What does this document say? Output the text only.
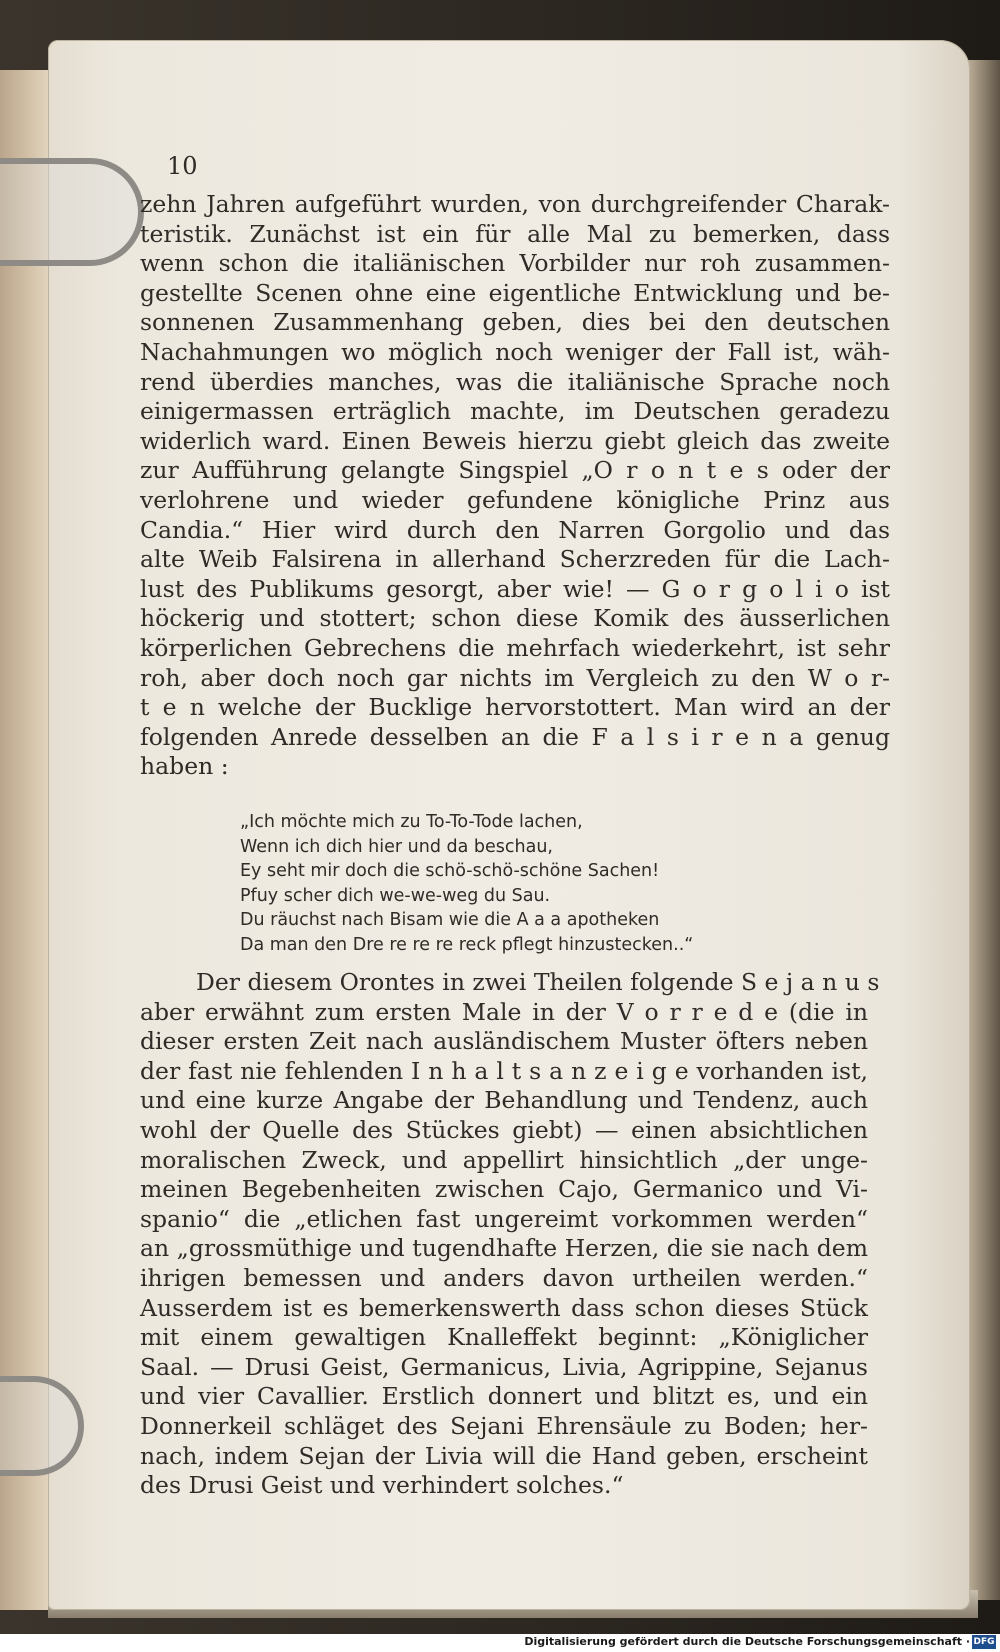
10
zehn Jahren aufgeführt wurden, von durchgreifender Charak-
teristik. Zunächst ist ein für alle Mal zu bemerken, dass
wenn schon die italiänischen Vorbilder nur roh zusammen-
gestellte Scenen ohne eine eigentliche Entwicklung und be-
sonnenen Zusammenhang geben, dies bei den deutschen
Nachahmungen wo möglich noch weniger der Fall ist, wäh-
rend überdies manches, was die italiänische Sprache noch
einigermassen erträglich machte, im Deutschen geradezu
widerlich ward. Einen Beweis hierzu giebt gleich das zweite
zur Aufführung gelangte Singspiel „O r o n t e s oder der
verlohrene und wieder gefundene königliche Prinz aus
Candia.“ Hier wird durch den Narren Gorgolio und das
alte Weib Falsirena in allerhand Scherzreden für die Lach-
lust des Publikums gesorgt, aber wie! — G o r g o l i o ist
höckerig und stottert; schon diese Komik des äusserlichen
körperlichen Gebrechens die mehrfach wiederkehrt, ist sehr
roh, aber doch noch gar nichts im Vergleich zu den W o r-
t e n welche der Bucklige hervorstottert. Man wird an der
folgenden Anrede desselben an die F a l s i r e n a genug
haben :
„Ich möchte mich zu To-To-Tode lachen,
Wenn ich dich hier und da beschau,
Ey seht mir doch die schö-schö-schöne Sachen!
Pfuy scher dich we-we-weg du Sau.
Du räuchst nach Bisam wie die A a a apotheken
Da man den Dre re re re reck pflegt hinzustecken..“
Der diesem Orontes in zwei Theilen folgende S e j a n u s
aber erwähnt zum ersten Male in der V o r r e d e (die in
dieser ersten Zeit nach ausländischem Muster öfters neben
der fast nie fehlenden I n h a l t s a n z e i g e vorhanden ist,
und eine kurze Angabe der Behandlung und Tendenz, auch
wohl der Quelle des Stückes giebt) — einen absichtlichen
moralischen Zweck, und appellirt hinsichtlich „der unge-
meinen Begebenheiten zwischen Cajo, Germanico und Vi-
spanio“ die „etlichen fast ungereimt vorkommen werden“
an „grossmüthige und tugendhafte Herzen, die sie nach dem
ihrigen bemessen und anders davon urtheilen werden.“
Ausserdem ist es bemerkenswerth dass schon dieses Stück
mit einem gewaltigen Knalleffekt beginnt: „Königlicher
Saal. — Drusi Geist, Germanicus, Livia, Agrippine, Sejanus
und vier Cavallier. Erstlich donnert und blitzt es, und ein
Donnerkeil schläget des Sejani Ehrensäule zu Boden; her-
nach, indem Sejan der Livia will die Hand geben, erscheint
des Drusi Geist und verhindert solches.“
Digitalisierung gefördert durch die Deutsche Forschungsgemeinschaft · DFG
